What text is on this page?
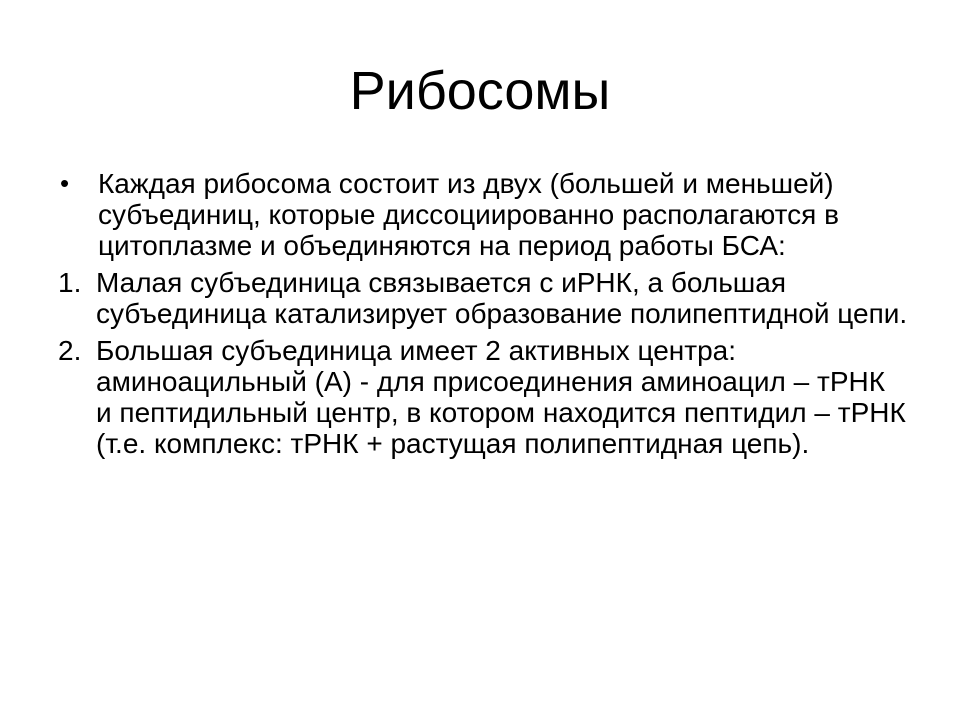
Рибосомы
•	Каждая рибосома состоит из двух (большей и меньшей) субъединиц, которые диссоциированно располагаются в цитоплазме и объединяются на период работы БСА:
1. Малая субъединица связывается с иРНК, а большая субъединица катализирует образование полипептидной цепи.
2. Большая субъединица имеет 2 активных центра: аминоацильный (А) - для присоединения аминоацил – тРНК и пептидильный центр, в котором находится пептидил – тРНК (т.е. комплекс: тРНК + растущая полипептидная цепь).
